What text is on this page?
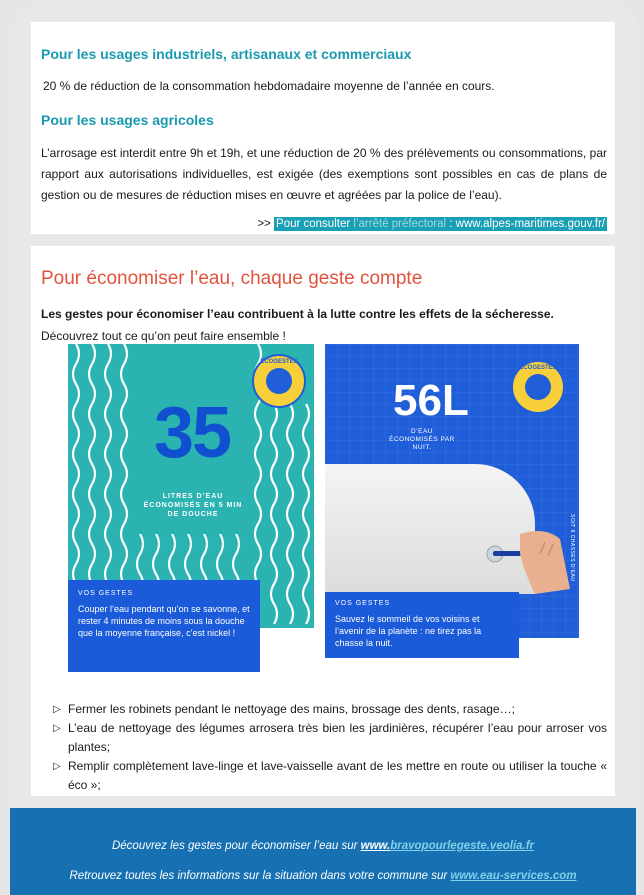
Pour les usages industriels, artisanaux et commerciaux
20 % de réduction de la consommation hebdomadaire moyenne de l’année en cours.
Pour les usages agricoles
L’arrosage est interdit entre 9h et 19h, et une réduction de 20 % des prélèvements ou consommations, par rapport aux autorisations individuelles, est exigée (des exemptions sont possibles en cas de plans de gestion ou de mesures de réduction mises en œuvre et agréées par la police de l’eau).
>> Pour consulter l’arrêté préfectoral : www.alpes-maritimes.gouv.fr/
Pour économiser l’eau, chaque geste compte
Les gestes pour économiser l’eau contribuent à la lutte contre les effets de la sécheresse.
Découvrez tout ce qu’on peut faire ensemble !
ECOGESTES
35
LITRES D’EAU ÉCONOMISÉS EN 5 MIN DE DOUCHE
VOS GESTES
Couper l’eau pendant qu’on se savonne, et rester 4 minutes de moins sous la douche que la moyenne française, c’est nickel !
ECOGESTES
56L
D’EAU ÉCONOMISÉS PAR NUIT.
SOIT 8 CHASSES D’EAU
VOS GESTES
Sauvez le sommeil de vos voisins et l’avenir de la planète : ne tirez pas la chasse la nuit.
▷ Fermer les robinets pendant le nettoyage des mains, brossage des dents, rasage…;
▷ L’eau de nettoyage des légumes arrosera très bien les jardinières, récupérer l’eau pour arroser vos plantes;
▷ Remplir complètement lave-linge et lave-vaisselle avant de les mettre en route ou utiliser la touche « éco »;
Découvrez les gestes pour économiser l’eau sur www.bravopourlegeste.veolia.fr
Retrouvez toutes les informations sur la situation dans votre commune sur www.eau-services.com
